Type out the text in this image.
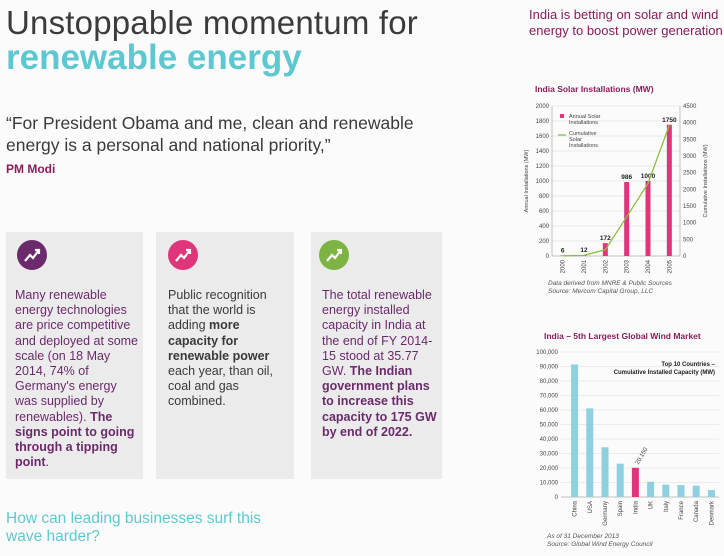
Unstoppable momentum for
renewable energy
“For President Obama and me, clean and renewable energy is a personal and national priority,”
PM Modi
Many renewable energy technologies are price competitive and deployed at some scale (on 18 May 2014, 74% of Germany's energy was supplied by renewables). The signs point to going through a tipping point.
Public recognition that the world is adding more capacity for renewable power each year, than oil, coal and gas combined.
The total renewable energy installed capacity in India at the end of FY 2014-15 stood at 35.77 GW. The Indian government plans to increase this capacity to 175 GW by end of 2022.
How can leading businesses surf this wave harder?
India is betting on solar and wind energy to boost power generation
India Solar Installations (MW)
2000
1800
1600
1400
1200
1000
800
600
400
200
0
4500
4000
3500
3000
2500
2000
1500
1000
500
0
Annual Installations (MW)	Cumulative Installations (MW)
6
2000
12
2001
172
2002
986
2003
1000
2004
1750
2005
Annual Solar
Installations
Cumulative
Solar
Installations
Data derived from MNRE & Public Sources
Source: Mercom Capital Group, LLC
India – 5th Largest Global Wind Market
100,000
90,000
80,000
70,000
60,000
50,000
40,000
30,000
20,000
10,000
0
Top 10 Countries –
Cumulative Installed Capacity (MW)
China USA Germany Spain India
20,150
UK Italy France Canada Denmark
As of 31 December 2013
Source: Global Wind Energy Council
